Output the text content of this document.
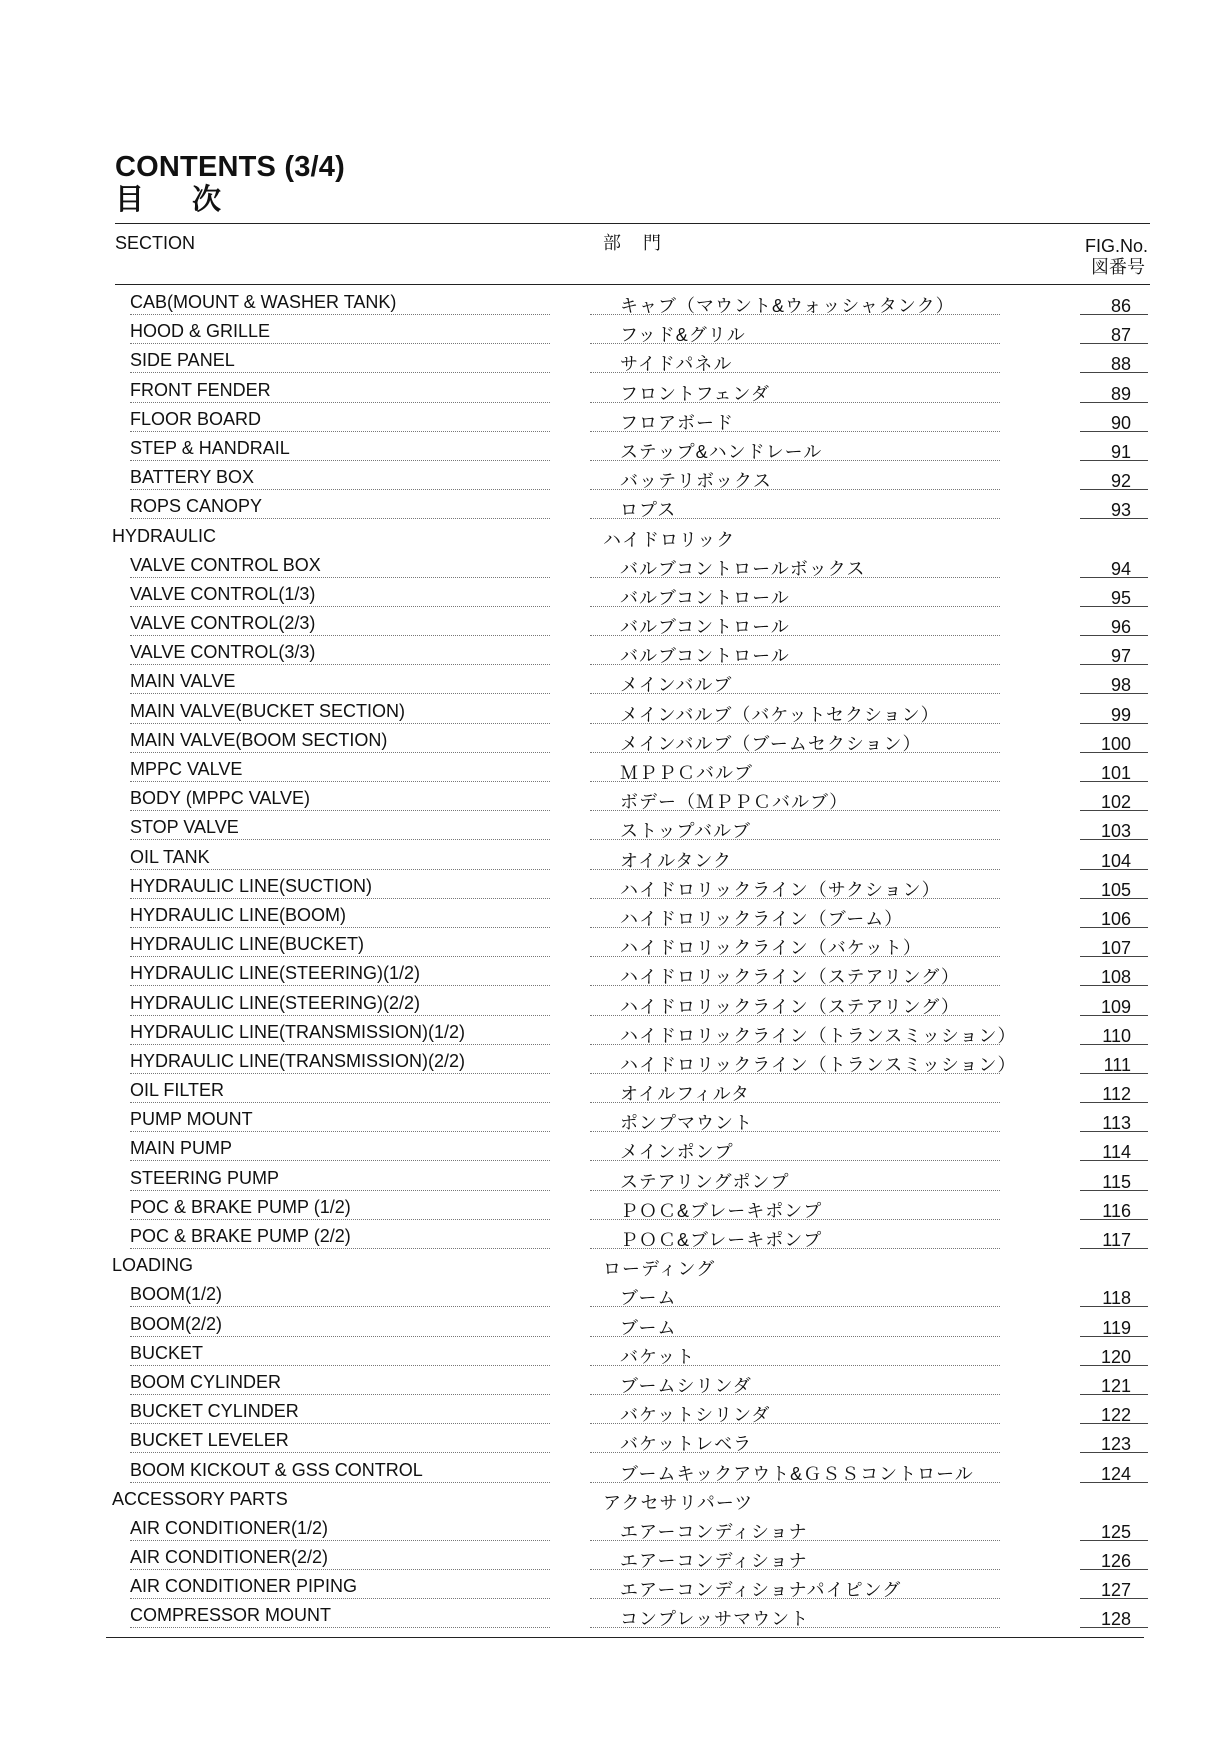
CONTENTS (3/4)
目次
SECTION	部　門	FIG.No.
図番号
CAB(MOUNT & WASHER TANK)	キャブ（マウント&ウォッシャタンク）	86
HOOD & GRILLE	フッド&グリル	87
SIDE PANEL	サイドパネル	88
FRONT FENDER	フロントフェンダ	89
FLOOR BOARD	フロアボード	90
STEP & HANDRAIL	ステップ&ハンドレール	91
BATTERY BOX	バッテリボックス	92
ROPS CANOPY	ロプス	93
HYDRAULIC	ハイドロリック
VALVE CONTROL BOX	バルブコントロールボックス	94
VALVE CONTROL(1/3)	バルブコントロール	95
VALVE CONTROL(2/3)	バルブコントロール	96
VALVE CONTROL(3/3)	バルブコントロール	97
MAIN VALVE	メインバルブ	98
MAIN VALVE(BUCKET SECTION)	メインバルブ（バケットセクション）	99
MAIN VALVE(BOOM SECTION)	メインバルブ（ブームセクション）	100
MPPC VALVE	ＭＰＰＣバルブ	101
BODY (MPPC VALVE)	ボデー（ＭＰＰＣバルブ）	102
STOP VALVE	ストップバルブ	103
OIL TANK	オイルタンク	104
HYDRAULIC LINE(SUCTION)	ハイドロリックライン（サクション）	105
HYDRAULIC LINE(BOOM)	ハイドロリックライン（ブーム）	106
HYDRAULIC LINE(BUCKET)	ハイドロリックライン（バケット）	107
HYDRAULIC LINE(STEERING)(1/2)	ハイドロリックライン（ステアリング）	108
HYDRAULIC LINE(STEERING)(2/2)	ハイドロリックライン（ステアリング）	109
HYDRAULIC LINE(TRANSMISSION)(1/2)	ハイドロリックライン（トランスミッション）	110
HYDRAULIC LINE(TRANSMISSION)(2/2)	ハイドロリックライン（トランスミッション）	111
OIL FILTER	オイルフィルタ	112
PUMP MOUNT	ポンプマウント	113
MAIN PUMP	メインポンプ	114
STEERING PUMP	ステアリングポンプ	115
POC & BRAKE PUMP (1/2)	ＰＯＣ&ブレーキポンプ	116
POC & BRAKE PUMP (2/2)	ＰＯＣ&ブレーキポンプ	117
LOADING	ローディング
BOOM(1/2)	ブーム	118
BOOM(2/2)	ブーム	119
BUCKET	バケット	120
BOOM CYLINDER	ブームシリンダ	121
BUCKET CYLINDER	バケットシリンダ	122
BUCKET LEVELER	バケットレベラ	123
BOOM KICKOUT & GSS CONTROL	ブームキックアウト&ＧＳＳコントロール	124
ACCESSORY PARTS	アクセサリパーツ
AIR CONDITIONER(1/2)	エアーコンディショナ	125
AIR CONDITIONER(2/2)	エアーコンディショナ	126
AIR CONDITIONER PIPING	エアーコンディショナパイピング	127
COMPRESSOR MOUNT	コンプレッサマウント	128
